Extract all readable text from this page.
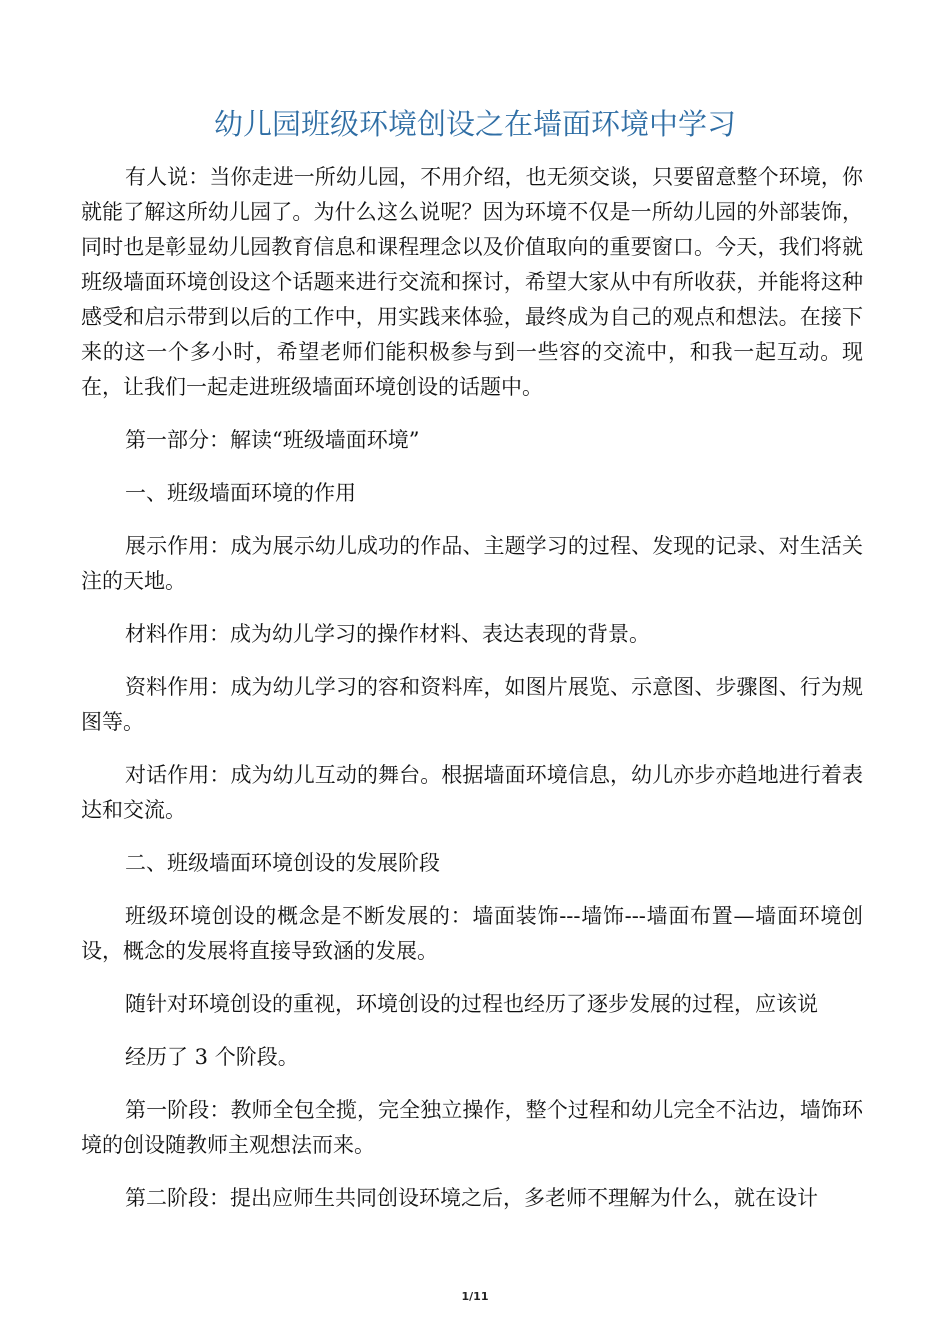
幼儿园班级环境创设之在墙面环境中学习

有人说：当你走进一所幼儿园，不用介绍，也无须交谈，只要留意整个环境，你就能了解这所幼儿园了。为什么这么说呢？因为环境不仅是一所幼儿园的外部装饰，同时也是彰显幼儿园教育信息和课程理念以及价值取向的重要窗口。今天，我们将就班级墙面环境创设这个话题来进行交流和探讨，希望大家从中有所收获，并能将这种感受和启示带到以后的工作中，用实践来体验，最终成为自己的观点和想法。在接下来的这一个多小时，希望老师们能积极参与到一些容的交流中，和我一起互动。现在，让我们一起走进班级墙面环境创设的话题中。

第一部分：解读“班级墙面环境”

一、班级墙面环境的作用

展示作用：成为展示幼儿成功的作品、主题学习的过程、发现的记录、对生活关注的天地。

材料作用：成为幼儿学习的操作材料、表达表现的背景。

资料作用：成为幼儿学习的容和资料库，如图片展览、示意图、步骤图、行为规图等。

对话作用：成为幼儿互动的舞台。根据墙面环境信息，幼儿亦步亦趋地进行着表达和交流。

二、班级墙面环境创设的发展阶段

班级环境创设的概念是不断发展的：墙面装饰---墙饰---墙面布置—墙面环境创设，概念的发展将直接导致涵的发展。

随针对环境创设的重视，环境创设的过程也经历了逐步发展的过程，应该说

经历了 3 个阶段。

第一阶段：教师全包全揽，完全独立操作，整个过程和幼儿完全不沾边，墙饰环境的创设随教师主观想法而来。

第二阶段：提出应师生共同创设环境之后，多老师不理解为什么，就在设计

1/11
